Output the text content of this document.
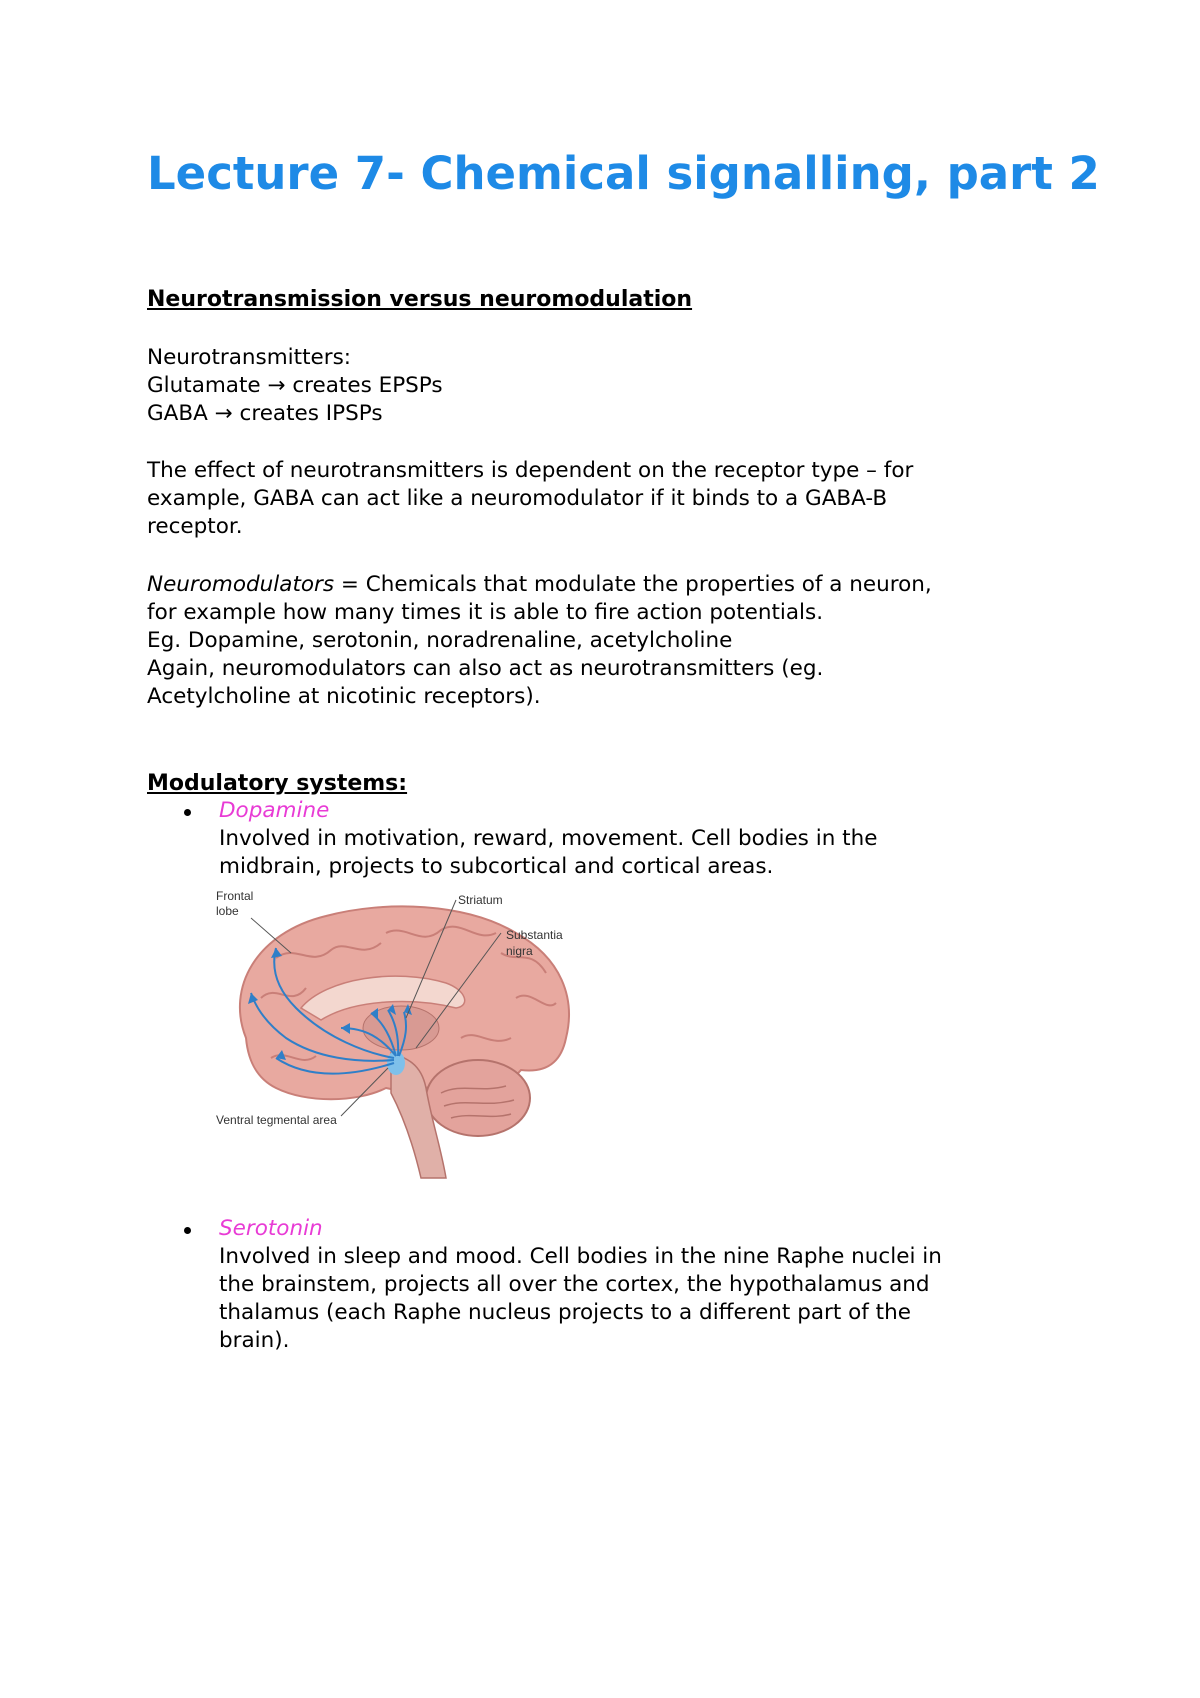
Lecture 7- Chemical signalling, part 2
Neurotransmission versus neuromodulation
Neurotransmitters:
Glutamate → creates EPSPs
GABA → creates IPSPs
The effect of neurotransmitters is dependent on the receptor type – for
example, GABA can act like a neuromodulator if it binds to a GABA-B
receptor.
Neuromodulators = Chemicals that modulate the properties of a neuron,
for example how many times it is able to fire action potentials.
Eg. Dopamine, serotonin, noradrenaline, acetylcholine
Again, neuromodulators can also act as neurotransmitters (eg.
Acetylcholine at nicotinic receptors).
Modulatory systems:
Dopamine
Involved in motivation, reward, movement. Cell bodies in the
midbrain, projects to subcortical and cortical areas.
Frontal
lobe
Striatum
Substantia
nigra
Ventral tegmental area
Serotonin
Involved in sleep and mood. Cell bodies in the nine Raphe nuclei in
the brainstem, projects all over the cortex, the hypothalamus and
thalamus (each Raphe nucleus projects to a different part of the
brain).
